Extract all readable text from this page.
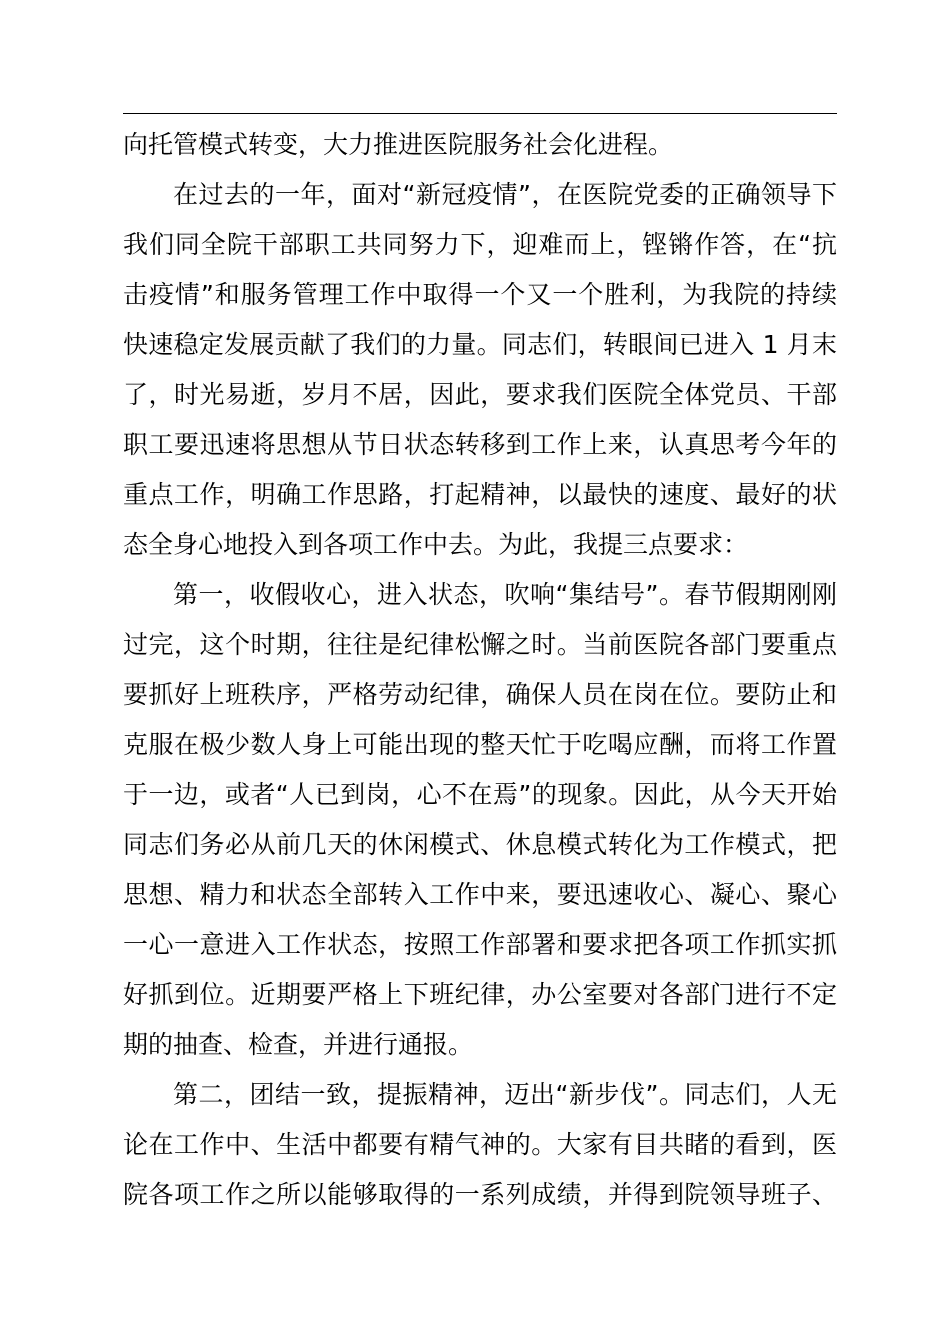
向托管模式转变，大力推进医院服务社会化进程。
在过去的一年，面对“新冠疫情”，在医院党委的正确领导下
我们同全院干部职工共同努力下，迎难而上，铿锵作答，在“抗
击疫情”和服务管理工作中取得一个又一个胜利，为我院的持续
快速稳定发展贡献了我们的力量。同志们，转眼间已进入 1 月末
了，时光易逝，岁月不居，因此，要求我们医院全体党员、干部
职工要迅速将思想从节日状态转移到工作上来，认真思考今年的
重点工作，明确工作思路，打起精神，以最快的速度、最好的状
态全身心地投入到各项工作中去。为此，我提三点要求：
第一，收假收心，进入状态，吹响“集结号”。春节假期刚刚
过完，这个时期，往往是纪律松懈之时。当前医院各部门要重点
要抓好上班秩序，严格劳动纪律，确保人员在岗在位。要防止和
克服在极少数人身上可能出现的整天忙于吃喝应酬，而将工作置
于一边，或者“人已到岗，心不在焉”的现象。因此，从今天开始
同志们务必从前几天的休闲模式、休息模式转化为工作模式，把
思想、精力和状态全部转入工作中来，要迅速收心、凝心、聚心
一心一意进入工作状态，按照工作部署和要求把各项工作抓实抓
好抓到位。近期要严格上下班纪律，办公室要对各部门进行不定
期的抽查、检查，并进行通报。
第二，团结一致，提振精神，迈出“新步伐”。同志们，人无
论在工作中、生活中都要有精气神的。大家有目共睹的看到，医
院各项工作之所以能够取得的一系列成绩，并得到院领导班子、
